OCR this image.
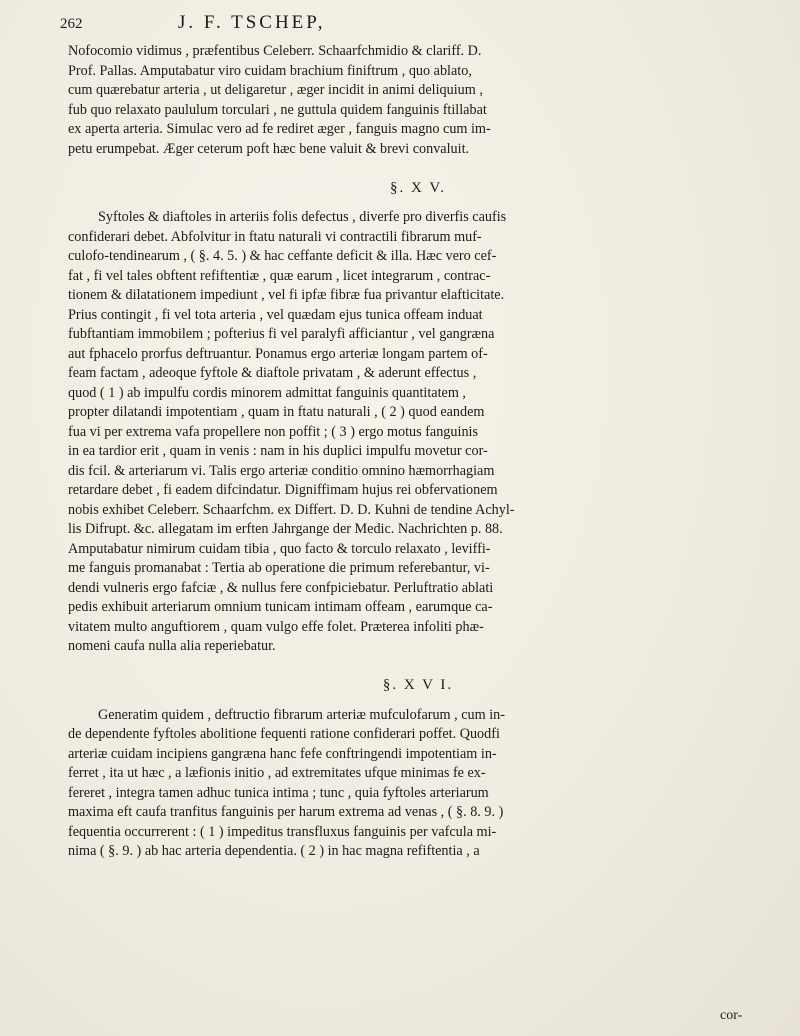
262	J. F. TSCHEP,
Nofocomio vidimus , præfentibus Celeberr. Schaarfchmidio & clariff. D.
Prof. Pallas. Amputabatur viro cuidam brachium finiftrum , quo ablato,
cum quærebatur arteria , ut deligaretur , æger incidit in animi deliquium ,
fub quo relaxato paululum torculari , ne guttula quidem fanguinis ftillabat
ex aperta arteria. Simulac vero ad fe rediret æger , fanguis magno cum im-
petu erumpebat. Æger ceterum poft hæc bene valuit & brevi convaluit.
§. X V.
Syftoles & diaftoles in arteriis folis defectus , diverfe pro diverfis caufis
confiderari debet. Abfolvitur in ftatu naturali vi contractili fibrarum muf-
culofo-tendinearum , ( §. 4. 5. ) & hac ceffante deficit & illa. Hæc vero cef-
fat , fi vel tales obftent refiftentiæ , quæ earum , licet integrarum , contrac-
tionem & dilatationem impediunt , vel fi ipfæ fibræ fua privantur elafticitate.
Prius contingit , fi vel tota arteria , vel quædam ejus tunica offeam induat
fubftantiam immobilem ; pofterius fi vel paralyfi afficiantur , vel gangræna
aut fphacelo prorfus deftruantur. Ponamus ergo arteriæ longam partem of-
feam factam , adeoque fyftole & diaftole privatam , & aderunt effectus ,
quod ( 1 ) ab impulfu cordis minorem admittat fanguinis quantitatem ,
propter dilatandi impotentiam , quam in ftatu naturali , ( 2 ) quod eandem
fua vi per extrema vafa propellere non poffit ; ( 3 ) ergo motus fanguinis
in ea tardior erit , quam in venis : nam in his duplici impulfu movetur cor-
dis fcil. & arteriarum vi. Talis ergo arteriæ conditio omnino hæmorrhagiam
retardare debet , fi eadem difcindatur. Digniffimam hujus rei obfervationem
nobis exhibet Celeberr. Schaarfchm. ex Differt. D. D. Kuhni de tendine Achyl-
lis Difrupt. &c. allegatam im erften Jahrgange der Medic. Nachrichten p. 88.
Amputabatur nimirum cuidam tibia , quo facto & torculo relaxato , leviffi-
me fanguis promanabat : Tertia ab operatione die primum referebantur, vi-
dendi vulneris ergo fafciæ , & nullus fere confpiciebatur. Perluftratio ablati
pedis exhibuit arteriarum omnium tunicam intimam offeam , earumque ca-
vitatem multo anguftiorem , quam vulgo effe folet. Præterea infoliti phæ-
nomeni caufa nulla alia reperiebatur.
§. X V I.
Generatim quidem , deftructio fibrarum arteriæ mufculofarum , cum in-
de dependente fyftoles abolitione fequenti ratione confiderari poffet. Quodfi
arteriæ cuidam incipiens gangræna hanc fefe conftringendi impotentiam in-
ferret , ita ut hæc , a læfionis initio , ad extremitates ufque minimas fe ex-
fereret , integra tamen adhuc tunica intima ; tunc , quia fyftoles arteriarum
maxima eft caufa tranfitus fanguinis per harum extrema ad venas , ( §. 8. 9. )
fequentia occurrerent : ( 1 ) impeditus transfluxus fanguinis per vafcula mi-
nima ( §. 9. ) ab hac arteria dependentia. ( 2 ) in hac magna refiftentia , a
cor-
